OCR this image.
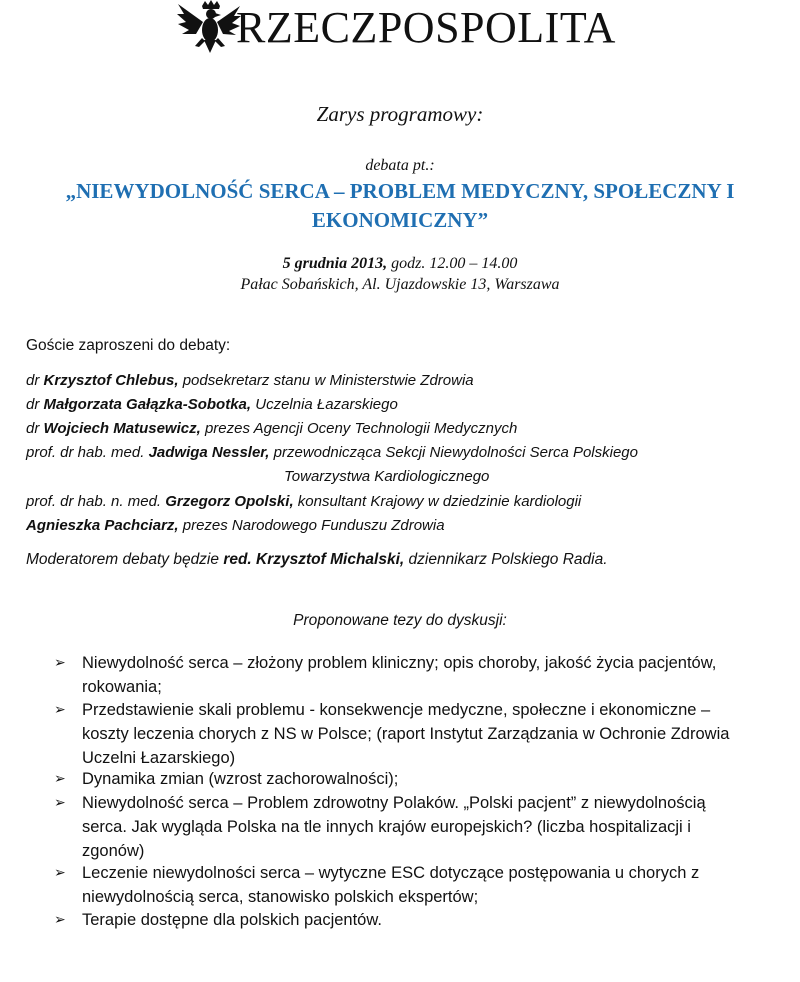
RZECZPOSPOLITA
Zarys programowy:
debata pt.:
„NIEWYDOLNOŚĆ SERCA – PROBLEM MEDYCZNY, SPOŁECZNY I
EKONOMICZNY”
5 grudnia 2013, godz. 12.00 – 14.00
Pałac Sobańskich, Al. Ujazdowskie 13, Warszawa
Goście zaproszeni do debaty:
dr Krzysztof Chlebus, podsekretarz stanu w Ministerstwie Zdrowia
dr Małgorzata Gałązka-Sobotka, Uczelnia Łazarskiego
dr Wojciech Matusewicz, prezes Agencji Oceny Technologii Medycznych
prof. dr hab. med. Jadwiga Nessler, przewodnicząca Sekcji Niewydolności Serca Polskiego
Towarzystwa Kardiologicznego
prof. dr hab. n. med. Grzegorz Opolski, konsultant Krajowy w dziedzinie kardiologii
Agnieszka Pachciarz, prezes Narodowego Funduszu Zdrowia
Moderatorem debaty będzie red. Krzysztof Michalski, dziennikarz Polskiego Radia.
Proponowane tezy do dyskusji:
➢ Niewydolność serca – złożony problem kliniczny; opis choroby, jakość życia pacjentów,
rokowania;
➢ Przedstawienie skali problemu - konsekwencje medyczne, społeczne i ekonomiczne –
koszty leczenia chorych z NS w Polsce; (raport Instytut Zarządzania w Ochronie Zdrowia
Uczelni Łazarskiego)
➢ Dynamika zmian (wzrost zachorowalności);
➢ Niewydolność serca – Problem zdrowotny Polaków. „Polski pacjent” z niewydolnością
serca. Jak wygląda Polska na tle innych krajów europejskich? (liczba hospitalizacji i
zgonów)
➢ Leczenie niewydolności serca – wytyczne ESC dotyczące postępowania u chorych z
niewydolnością serca, stanowisko polskich ekspertów;
➢ Terapie dostępne dla polskich pacjentów.
